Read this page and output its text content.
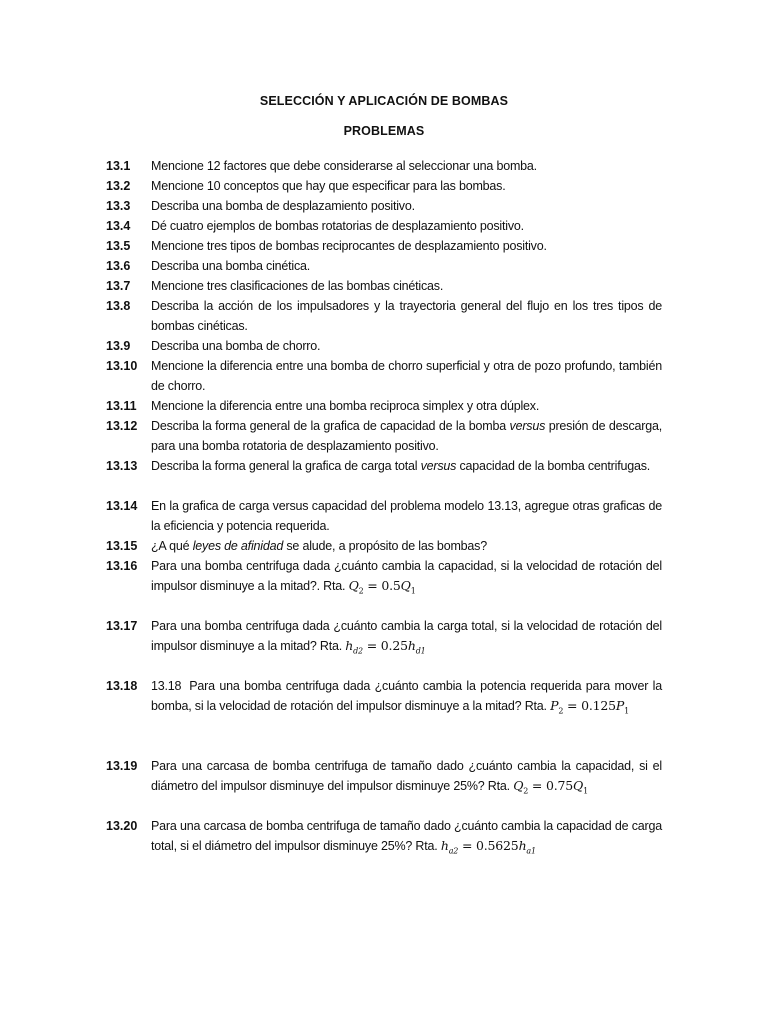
SELECCIÓN Y APLICACIÓN DE BOMBAS
PROBLEMAS
13.1	Mencione 12 factores que debe considerarse al seleccionar una bomba.
13.2	Mencione 10 conceptos que hay que especificar para las bombas.
13.3	Describa una bomba de desplazamiento positivo.
13.4	Dé cuatro ejemplos de bombas rotatorias de desplazamiento positivo.
13.5	Mencione tres tipos de bombas reciprocantes de desplazamiento positivo.
13.6	Describa una bomba cinética.
13.7	Mencione tres clasificaciones de las bombas cinéticas.
13.8	Describa la acción de los impulsadores y la trayectoria general del flujo en los tres tipos de bombas cinéticas.
13.9	Describa una bomba de chorro.
13.10	Mencione la diferencia entre una bomba de chorro superficial y otra de pozo profundo, también de chorro.
13.11	Mencione la diferencia entre una bomba reciproca simplex y otra dúplex.
13.12	Describa la forma general de la grafica de capacidad de la bomba versus presión de descarga, para una bomba rotatoria de desplazamiento positivo.
13.13	Describa la forma general la grafica de carga total versus capacidad de la bomba centrifugas.
13.14	En la grafica de carga versus capacidad del problema modelo 13.13, agregue otras graficas de la eficiencia y potencia requerida.
13.15	¿A qué leyes de afinidad se alude, a propósito de las bombas?
13.16	Para una bomba centrifuga dada ¿cuánto cambia la capacidad, si la velocidad de rotación del impulsor disminuye a la mitad?. Rta. $Q_2 = 0.5Q_1$
13.17	Para una bomba centrifuga dada ¿cuánto cambia la carga total, si la velocidad de rotación del impulsor disminuye a la mitad? Rta. $h_{d2} = 0.25h_{d1}$
13.18	13.18 Para una bomba centrifuga dada ¿cuánto cambia la potencia requerida para mover la bomba, si la velocidad de rotación del impulsor disminuye a la mitad? Rta. $P_2 = 0.125P_1$
13.19	Para una carcasa de bomba centrifuga de tamaño dado ¿cuánto cambia la capacidad, si el diámetro del impulsor disminuye del impulsor disminuye 25%? Rta. $Q_2 = 0.75Q_1$
13.20	Para una carcasa de bomba centrifuga de tamaño dado ¿cuánto cambia la capacidad de carga total, si el diámetro del impulsor disminuye 25%? Rta. $h_{a2} = 0.5625h_{a1}$
